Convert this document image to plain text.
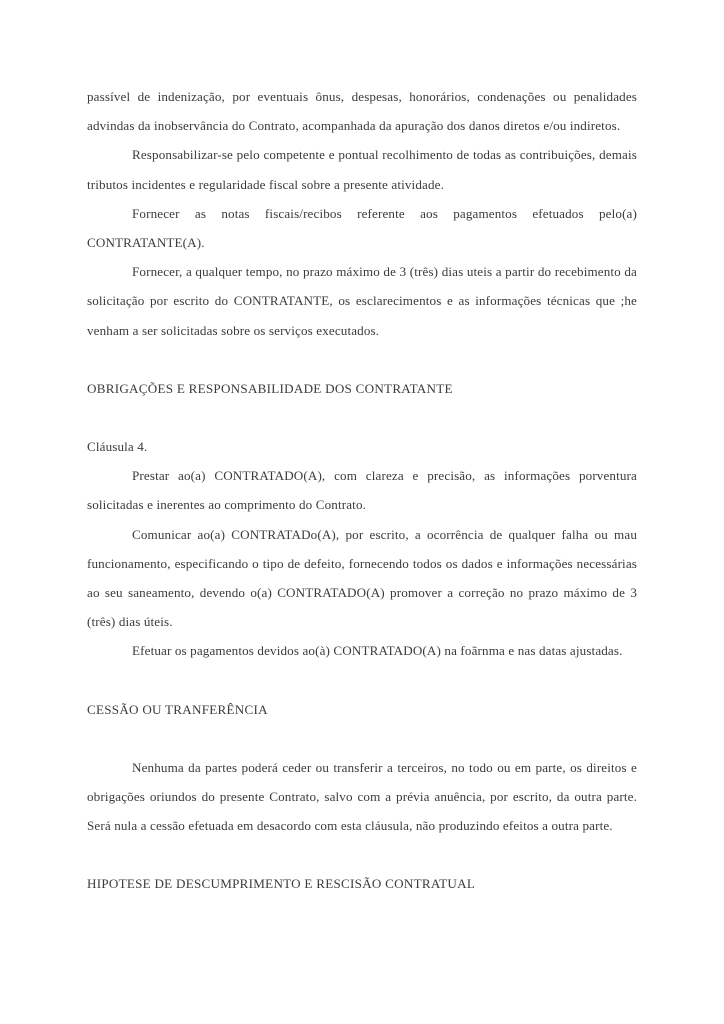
passível de indenização, por eventuais ônus, despesas, honorários, condenações ou penalidades advindas da inobservância do Contrato, acompanhada da apuração dos danos diretos e/ou indiretos.

Responsabilizar-se pelo competente e pontual recolhimento de todas as contribuições, demais tributos incidentes e regularidade fiscal sobre a presente atividade.

Fornecer as notas fiscais/recibos referente aos pagamentos efetuados pelo(a) CONTRATANTE(A).

Fornecer, a qualquer tempo, no prazo máximo de 3 (três) dias uteis a partir do recebimento da solicitação por escrito do CONTRATANTE, os esclarecimentos e as informações técnicas que ;he venham a ser solicitadas sobre os serviços executados.

OBRIGAÇÕES E RESPONSABILIDADE DOS CONTRATANTE

Cláusula 4.

Prestar ao(a) CONTRATADO(A), com clareza e precisão, as informações porventura solicitadas e inerentes ao comprimento do Contrato.

Comunicar ao(a) CONTRATADo(A), por escrito, a ocorrência de qualquer falha ou mau funcionamento, especificando o tipo de defeito, fornecendo todos os dados e informações necessárias ao seu saneamento, devendo o(a) CONTRATADO(A) promover a correção no prazo máximo de 3 (três) dias úteis.

Efetuar os pagamentos devidos ao(à) CONTRATADO(A) na foãrnma e nas datas ajustadas.

CESSÃO OU TRANFERÊNCIA

Nenhuma da partes poderá ceder ou transferir a terceiros, no todo ou em parte, os direitos e obrigações oriundos do presente Contrato, salvo com a prévia anuência, por escrito, da outra parte. Será nula a cessão efetuada em desacordo com esta cláusula, não produzindo efeitos a outra parte.

HIPOTESE DE DESCUMPRIMENTO E RESCISÃO CONTRATUAL
